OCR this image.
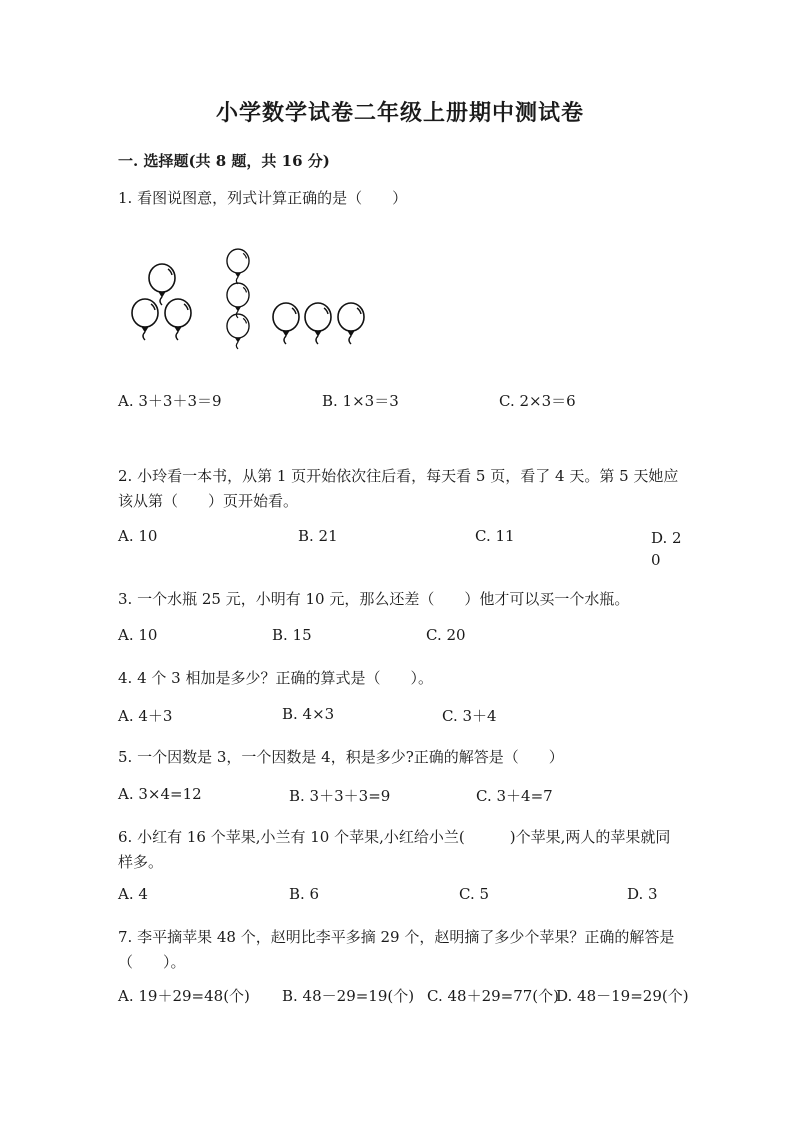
小学数学试卷二年级上册期中测试卷
一. 选择题(共 8 题，共 16 分)
1. 看图说图意，列式计算正确的是（　　）
A. 3＋3＋3＝9	B. 1×3＝3	C. 2×3＝6
2. 小玲看一本书，从第 1 页开始依次往后看，每天看 5 页，看了 4 天。第 5 天她应该从第（　　）页开始看。
A. 10	B. 21	C. 11	D. 20
3. 一个水瓶 25 元，小明有 10 元，那么还差（　　）他才可以买一个水瓶。
A. 10	B. 15	C. 20
4. 4 个 3 相加是多少？正确的算式是（　　）。
A. 4＋3	B. 4×3	C. 3＋4
5. 一个因数是 3，一个因数是 4，积是多少?正确的解答是（　　）
A. 3×4=12	B. 3＋3＋3=9	C. 3＋4=7
6. 小红有 16 个苹果,小兰有 10 个苹果,小红给小兰(　　　)个苹果,两人的苹果就同样多。
A. 4	B. 6	C. 5	D. 3
7. 李平摘苹果 48 个，赵明比李平多摘 29 个，赵明摘了多少个苹果？正确的解答是 （　　）。
A. 19＋29=48(个) B. 48－29=19(个) C. 48＋29=77(个)
D. 48－19=29(个)
